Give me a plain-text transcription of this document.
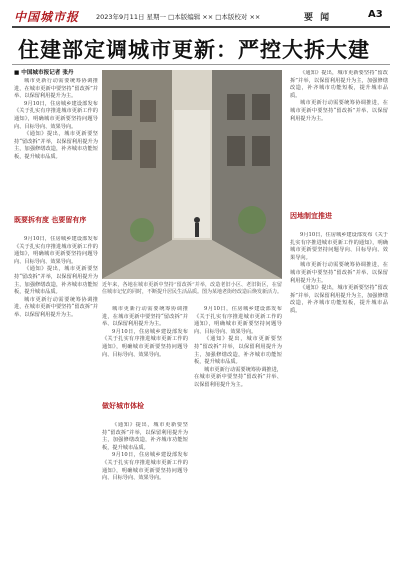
中国城市报	2023年9月11日 星期一 □本版编辑 ×× □本版校对 ××	要 闻	A3
住建部定调城市更新：严控大拆大建
■ 中国城市报记者 张丹

城市更新行动需要统筹协调推进，在城市更新中要坚持“留改拆”并举、以保留利用提升为主。

9月10日，住房城乡建设部发布《关于扎实有序推进城市更新工作的通知》，明确城市更新要坚持问题导向、目标导向、效果导向。

《通知》提出，城市更新要坚持“留改拆”并举，以保留利用提升为主，加强修缮改造，补齐城市功能短板，提升城市品质。

既要拆有度 也要留有序

9月10日，住房城乡建设部发布《关于扎实有序推进城市更新工作的通知》，明确城市更新要坚持问题导向、目标导向、效果导向。

《通知》提出，城市更新要坚持“留改拆”并举，以保留利用提升为主，加强修缮改造，补齐城市功能短板，提升城市品质。

城市更新行动需要统筹协调推进，在城市更新中要坚持“留改拆”并举、以保留利用提升为主。

近年来，各地在城市更新中坚持“留改拆”并举，改造老旧小区、老旧街区，在留住城市记忆的同时，不断提升居民生活品质。图为某地老街经改造后焕发新活力。

城市更新行动需要统筹协调推进，在城市更新中要坚持“留改拆”并举、以保留利用提升为主。

9月10日，住房城乡建设部发布《关于扎实有序推进城市更新工作的通知》，明确城市更新要坚持问题导向、目标导向、效果导向。

做好城市体检

《通知》提出，城市更新要坚持“留改拆”并举，以保留利用提升为主，加强修缮改造，补齐城市功能短板，提升城市品质。

9月10日，住房城乡建设部发布《关于扎实有序推进城市更新工作的通知》，明确城市更新要坚持问题导向、目标导向、效果导向。

9月10日，住房城乡建设部发布《关于扎实有序推进城市更新工作的通知》，明确城市更新要坚持问题导向、目标导向、效果导向。

《通知》提出，城市更新要坚持“留改拆”并举，以保留利用提升为主，加强修缮改造，补齐城市功能短板，提升城市品质。

城市更新行动需要统筹协调推进，在城市更新中要坚持“留改拆”并举、以保留利用提升为主。

《通知》提出，城市更新要坚持“留改拆”并举，以保留利用提升为主，加强修缮改造，补齐城市功能短板，提升城市品质。

城市更新行动需要统筹协调推进，在城市更新中要坚持“留改拆”并举、以保留利用提升为主。

因地制宜推进

9月10日，住房城乡建设部发布《关于扎实有序推进城市更新工作的通知》，明确城市更新要坚持问题导向、目标导向、效果导向。

城市更新行动需要统筹协调推进，在城市更新中要坚持“留改拆”并举、以保留利用提升为主。

《通知》提出，城市更新要坚持“留改拆”并举，以保留利用提升为主，加强修缮改造，补齐城市功能短板，提升城市品质。
